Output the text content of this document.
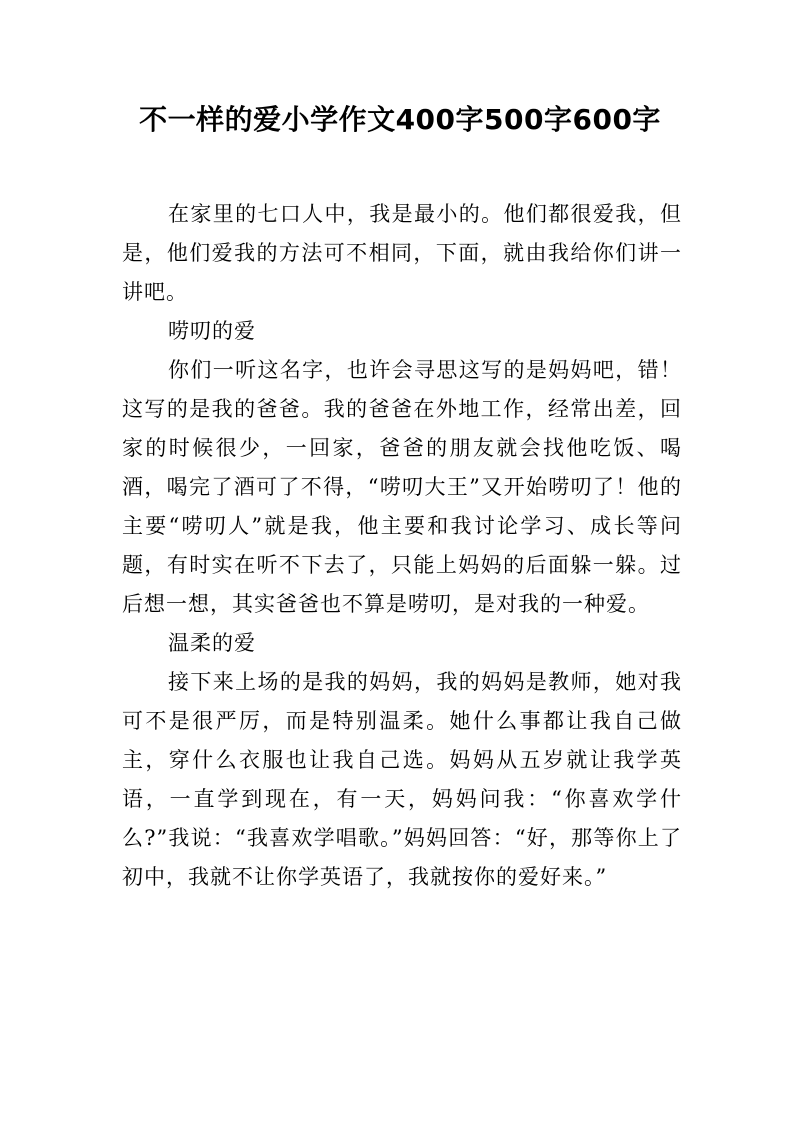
不一样的爱小学作文400字500字600字

在家里的七口人中，我是最小的。他们都很爱我，但是，他们爱我的方法可不相同，下面，就由我给你们讲一讲吧。

唠叨的爱

你们一听这名字，也许会寻思这写的是妈妈吧，错！这写的是我的爸爸。我的爸爸在外地工作，经常出差，回家的时候很少，一回家，爸爸的朋友就会找他吃饭、喝酒，喝完了酒可了不得，“唠叨大王”又开始唠叨了！他的主要“唠叨人”就是我，他主要和我讨论学习、成长等问题，有时实在听不下去了，只能上妈妈的后面躲一躲。过后想一想，其实爸爸也不算是唠叨，是对我的一种爱。

温柔的爱

接下来上场的是我的妈妈，我的妈妈是教师，她对我可不是很严厉，而是特别温柔。她什么事都让我自己做主，穿什么衣服也让我自己选。妈妈从五岁就让我学英语，一直学到现在，有一天，妈妈问我：“你喜欢学什么?”我说：“我喜欢学唱歌。”妈妈回答：“好，那等你上了初中，我就不让你学英语了，我就按你的爱好来。”
